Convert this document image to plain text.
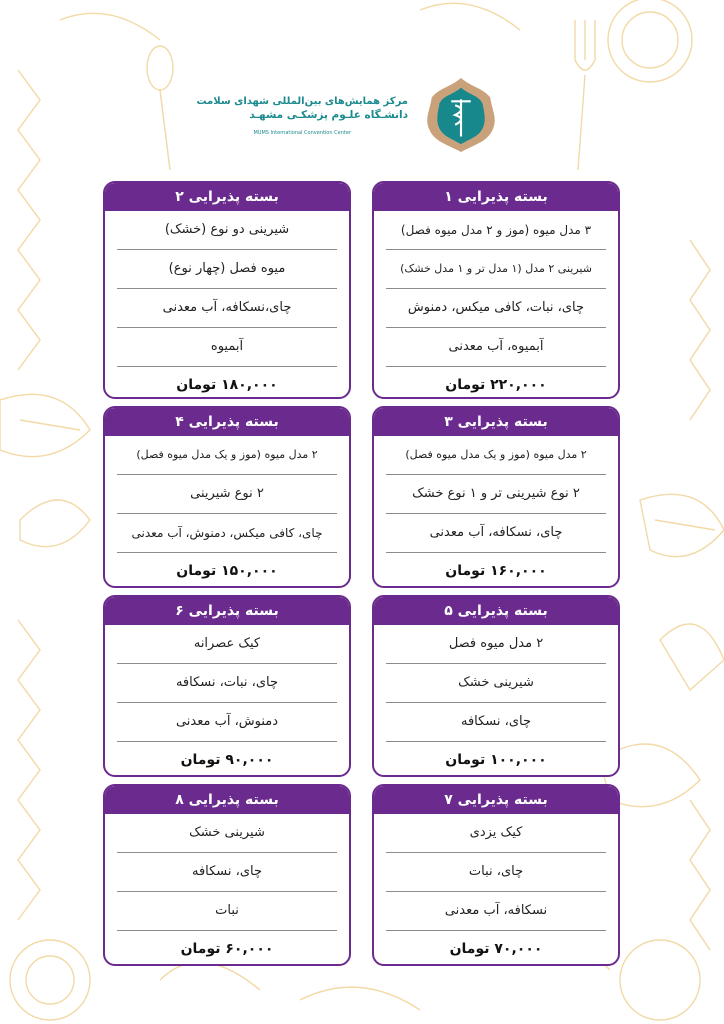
مرکز همایش‌های بین‌المللی شهدای سلامت
دانشـگاه علـوم پزشکـی مشهـد
MUMS International Convention Center
بسته پذیرایی ۱
۳ مدل میوه (موز و ۲ مدل میوه فصل)
شیرینی ۲ مدل (۱ مدل تر و ۱ مدل خشک)
چای، نبات، کافی میکس، دمنوش
آبمیوه، آب معدنی
۲۲۰,۰۰۰ تومان
بسته پذیرایی ۲
شیرینی دو نوع (خشک)
میوه فصل (چهار نوع)
چای،نسکافه، آب معدنی
آبمیوه
۱۸۰,۰۰۰ تومان
بسته پذیرایی ۳
۲ مدل میوه (موز و یک مدل میوه فصل)
۲ نوع شیرینی تر و ۱ نوع خشک
چای، نسکافه، آب معدنی
۱۶۰,۰۰۰ تومان
بسته پذیرایی ۴
۲ مدل میوه (موز و یک مدل میوه فصل)
۲ نوع شیرینی
چای، کافی میکس، دمنوش، آب معدنی
۱۵۰,۰۰۰ تومان
بسته پذیرایی ۵
۲ مدل میوه فصل
شیرینی خشک
چای، نسکافه
۱۰۰,۰۰۰ تومان
بسته پذیرایی ۶
کیک عصرانه
چای، نبات، نسکافه
دمنوش، آب معدنی
۹۰,۰۰۰ تومان
بسته پذیرایی ۷
کیک یزدی
چای، نبات
نسکافه، آب معدنی
۷۰,۰۰۰ تومان
بسته پذیرایی ۸
شیرینی خشک
چای، نسکافه
نبات
۶۰,۰۰۰ تومان
